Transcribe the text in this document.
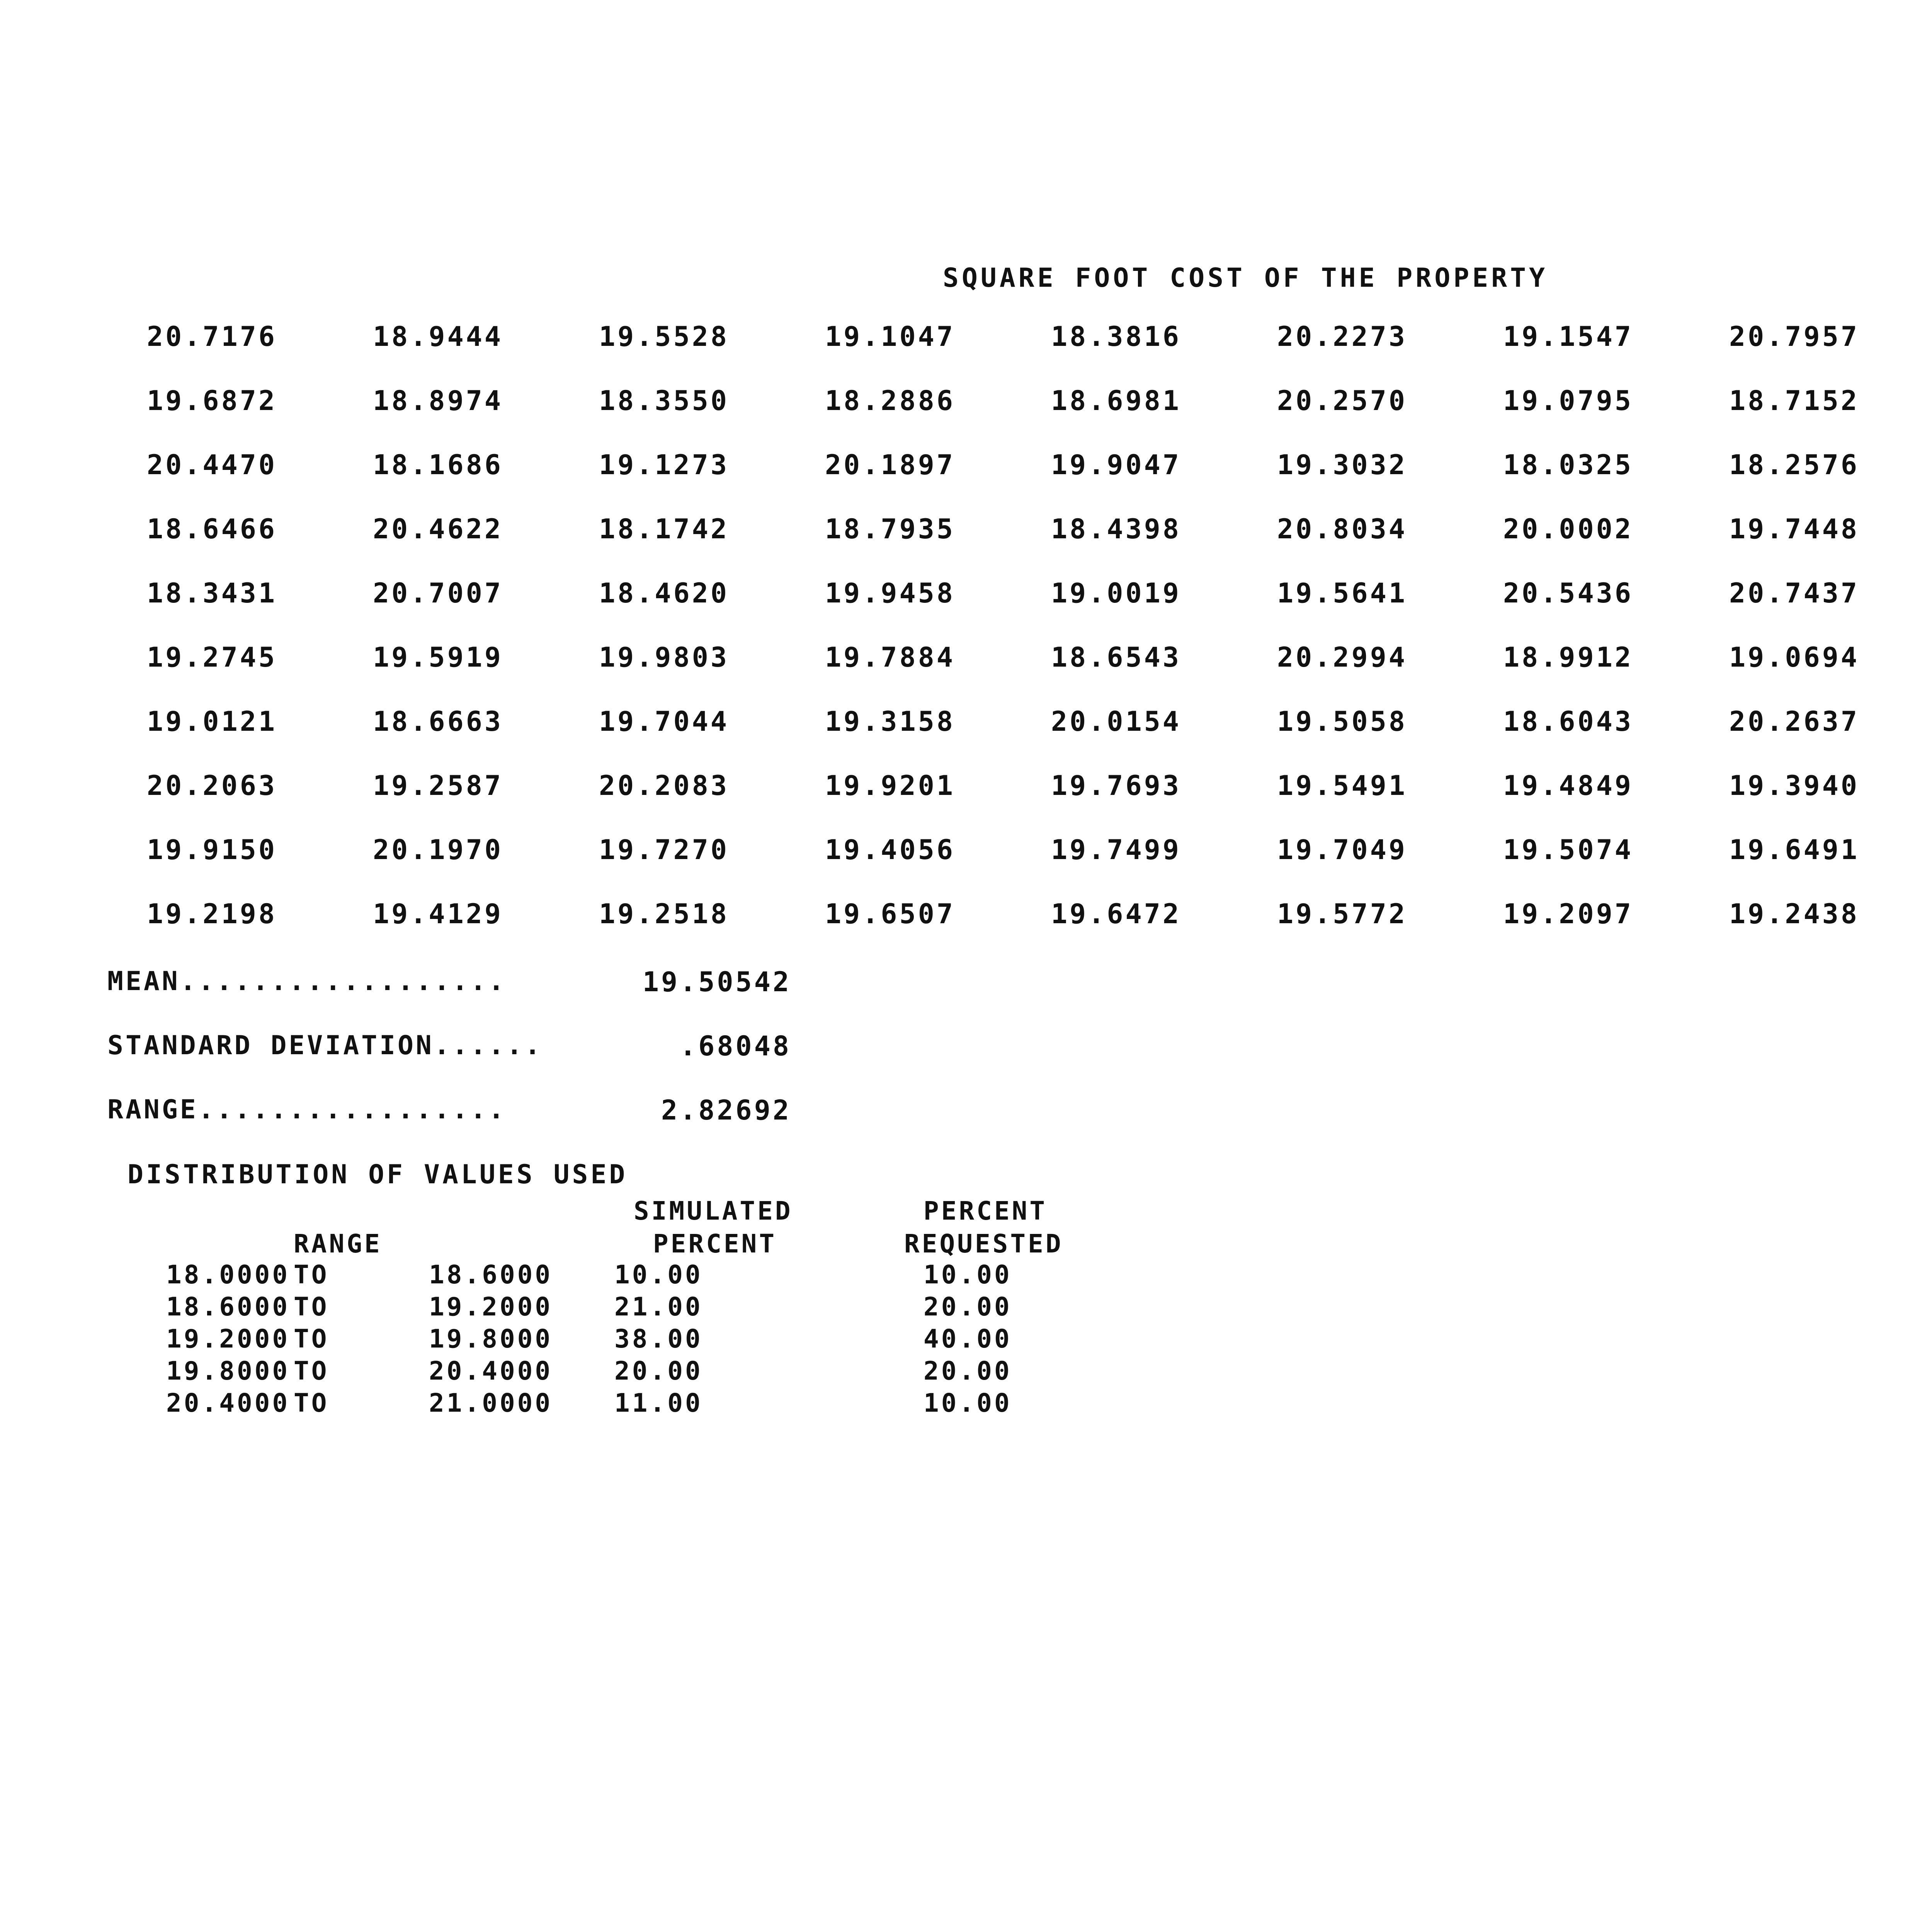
SQUARE FOOT COST OF THE PROPERTY
20.7176	18.9444	19.5528	19.1047	18.3816	20.2273	19.1547	20.7957
19.6872	18.8974	18.3550	18.2886	18.6981	20.2570	19.0795	18.7152
20.4470	18.1686	19.1273	20.1897	19.9047	19.3032	18.0325	18.2576
18.6466	20.4622	18.1742	18.7935	18.4398	20.8034	20.0002	19.7448
18.3431	20.7007	18.4620	19.9458	19.0019	19.5641	20.5436	20.7437
19.2745	19.5919	19.9803	19.7884	18.6543	20.2994	18.9912	19.0694
19.0121	18.6663	19.7044	19.3158	20.0154	19.5058	18.6043	20.2637
20.2063	19.2587	20.2083	19.9201	19.7693	19.5491	19.4849	19.3940
19.9150	20.1970	19.7270	19.4056	19.7499	19.7049	19.5074	19.6491
19.2198	19.4129	19.2518	19.6507	19.6472	19.5772	19.2097	19.2438
MEAN..................	19.50542
STANDARD DEVIATION......	.68048
RANGE.................	2.82692
DISTRIBUTION OF VALUES USED
RANGE
SIMULATED
PERCENT
PERCENT
REQUESTED
18.0000 TO	18.6000 10.00	10.00
18.6000 TO	19.2000 21.00	20.00
19.2000 TO	19.8000 38.00	40.00
19.8000 TO	20.4000 20.00	20.00
20.4000 TO	21.0000 11.00	10.00
